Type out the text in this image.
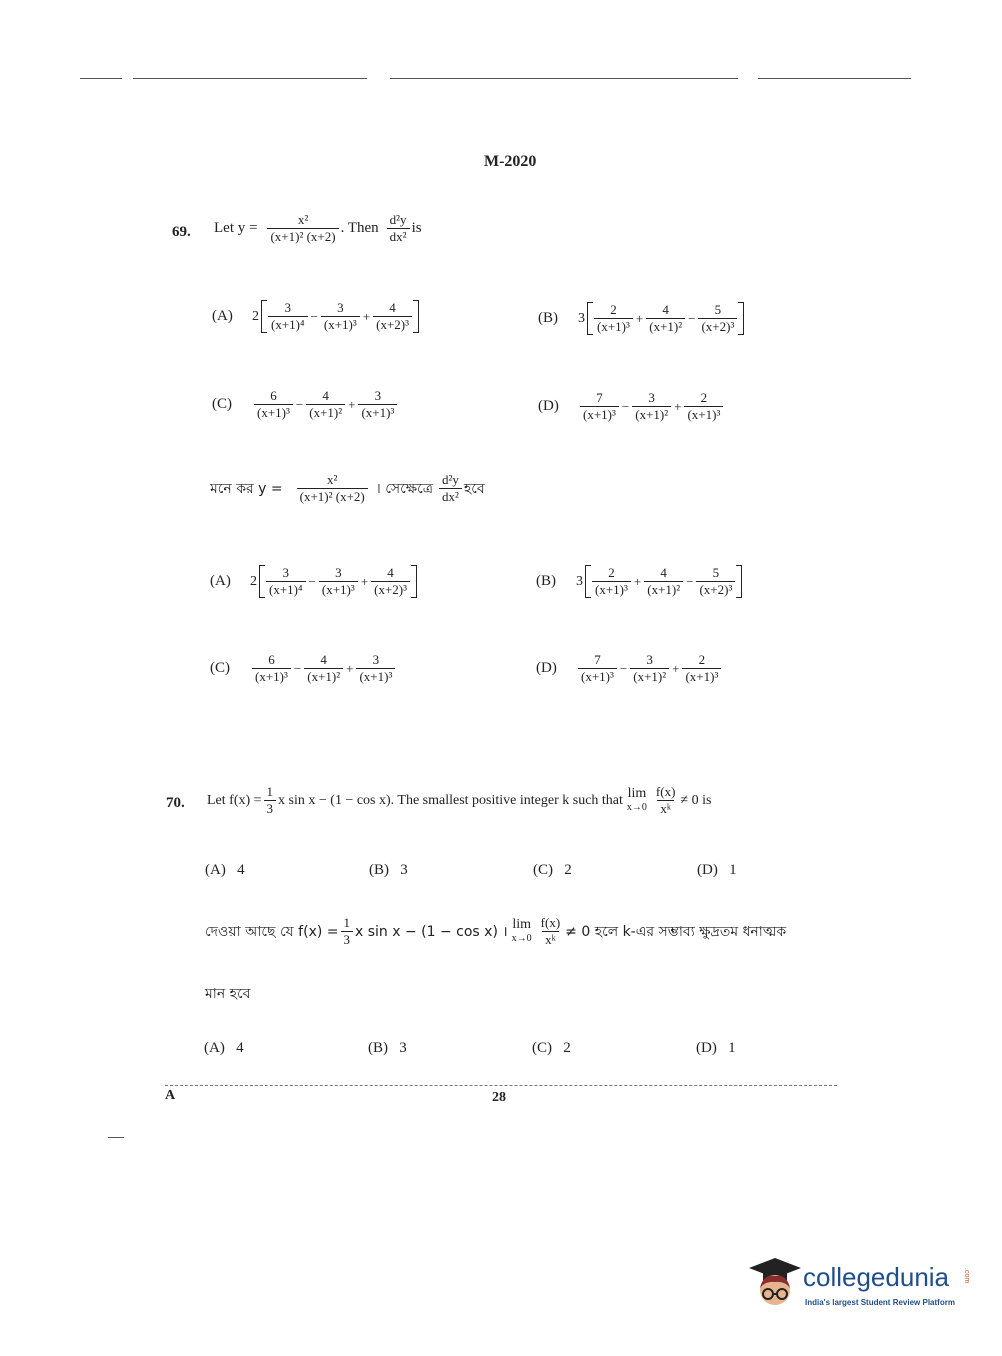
M-2020
69. Let $y = \frac{\text{x²}}{\text{(x+1)² (x+2)}}$ . Then $\frac{\text{d²y}}{\text{dx²}}$ is
(A)	$2 \frac{3}{\text{(x+1)⁴}} - \frac{3}{\text{(x+1)³}} + \frac{4}{\text{(x+2)³}}$	(B)	$3 \frac{2}{\text{(x+1)³}} + \frac{4}{\text{(x+1)²}} - \frac{5}{\text{(x+2)³}}$
(C)	$\frac{6}{\text{(x+1)³}} - \frac{4}{\text{(x+1)²}} + \frac{3}{\text{(x+1)³}}$	(D)	$\frac{7}{\text{(x+1)³}} - \frac{3}{\text{(x+1)²}} + \frac{2}{\text{(x+1)³}}$
মনে কর $y = \frac{\text{x²}}{\text{(x+1)² (x+2)}}$ । সেক্ষেত্রে $\frac{\text{d²y}}{\text{dx²}}$ হবে
(A)	$2 \frac{3}{\text{(x+1)⁴}} - \frac{3}{\text{(x+1)³}} + \frac{4}{\text{(x+2)³}}$	(B)	$3 \frac{2}{\text{(x+1)³}} + \frac{4}{\text{(x+1)²}} - \frac{5}{\text{(x+2)³}}$
(C)	$\frac{6}{\text{(x+1)³}} - \frac{4}{\text{(x+1)²}} + \frac{3}{\text{(x+1)³}}$	(D)	$\frac{7}{\text{(x+1)³}} - \frac{3}{\text{(x+1)²}} + \frac{2}{\text{(x+1)³}}$
70. Let $f(x) = \frac{1}{3}$ x sin x − (1 − cos x). The smallest positive integer k such that lim
$x\to 0 \frac{f(x)}{\text{xᵏ}} \ne 0$ is
(A) 4	(B) 3	(C) 2	(D) 1
দেওয়া আছে যে $f(x) = \frac{1}{3}$ x sin x − (1 − cos x) । lim
$x\to 0 \frac{f(x)}{\text{xᵏ}} \ne 0$ হলে k-এর সম্ভাব্য ক্ষুদ্রতম ধনাত্মক
মান হবে
(A) 4	(B) 3	(C) 2	(D) 1
A	28
collegedunia .com
India's largest Student Review Platform
